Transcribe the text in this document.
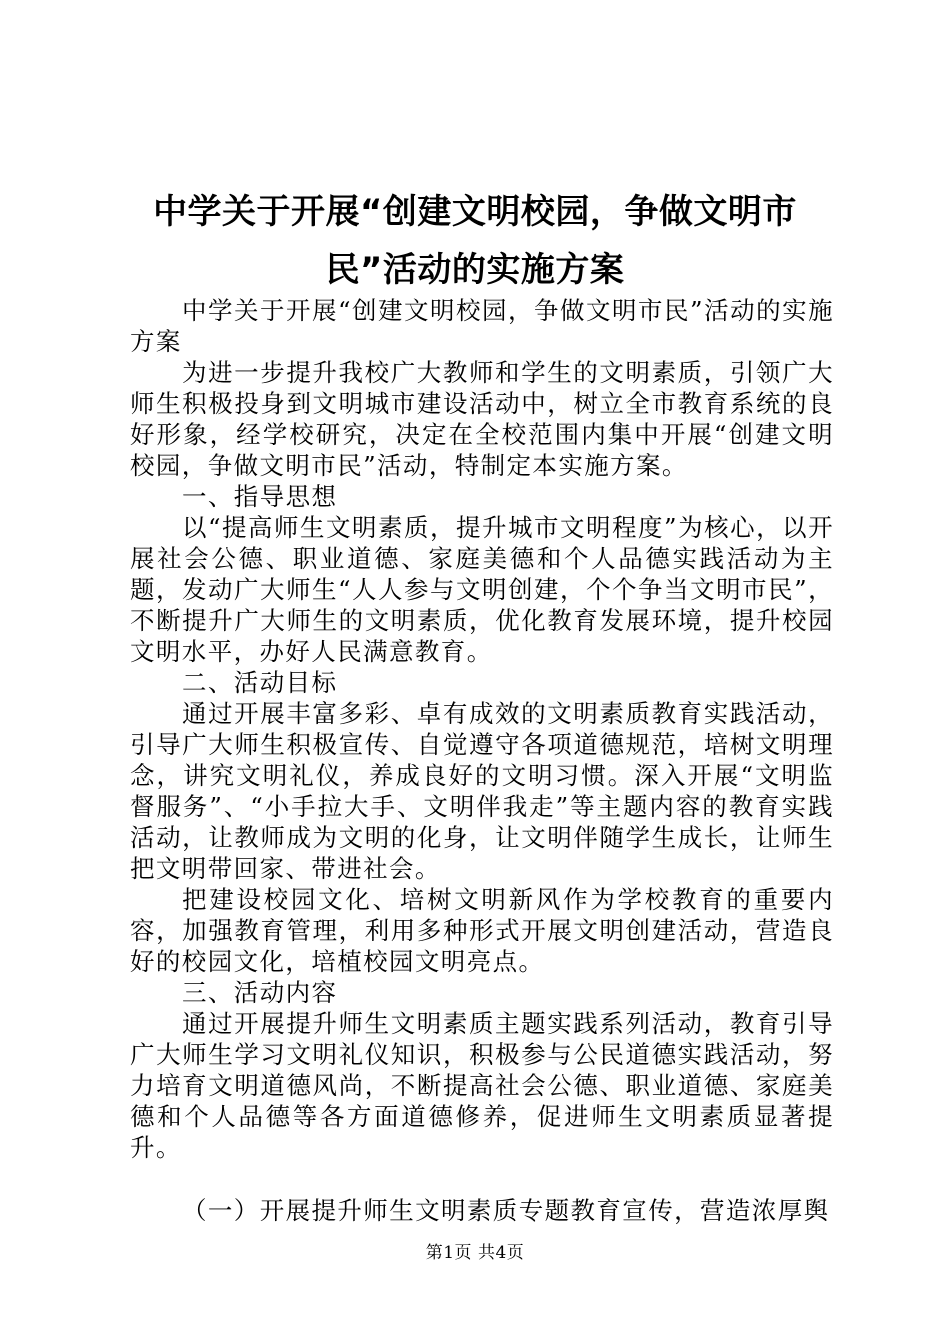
中学关于开展“创建文明校园，争做文明市民”活动的实施方案

中学关于开展“创建文明校园，争做文明市民”活动的实施方案

为进一步提升我校广大教师和学生的文明素质，引领广大师生积极投身到文明城市建设活动中，树立全市教育系统的良好形象，经学校研究，决定在全校范围内集中开展“创建文明校园，争做文明市民”活动，特制定本实施方案。

一、指导思想

以“提高师生文明素质，提升城市文明程度”为核心，以开展社会公德、职业道德、家庭美德和个人品德实践活动为主题，发动广大师生“人人参与文明创建，个个争当文明市民”，不断提升广大师生的文明素质，优化教育发展环境，提升校园文明水平，办好人民满意教育。

二、活动目标

通过开展丰富多彩、卓有成效的文明素质教育实践活动，引导广大师生积极宣传、自觉遵守各项道德规范，培树文明理念，讲究文明礼仪，养成良好的文明习惯。深入开展“文明监督服务”、“小手拉大手、文明伴我走”等主题内容的教育实践活动，让教师成为文明的化身，让文明伴随学生成长，让师生把文明带回家、带进社会。

把建设校园文化、培树文明新风作为学校教育的重要内容，加强教育管理，利用多种形式开展文明创建活动，营造良好的校园文化，培植校园文明亮点。

三、活动内容

通过开展提升师生文明素质主题实践系列活动，教育引导广大师生学习文明礼仪知识，积极参与公民道德实践活动，努力培育文明道德风尚，不断提高社会公德、职业道德、家庭美德和个人品德等各方面道德修养，促进师生文明素质显著提升。

（一）开展提升师生文明素质专题教育宣传，营造浓厚舆

第1页 共4页
